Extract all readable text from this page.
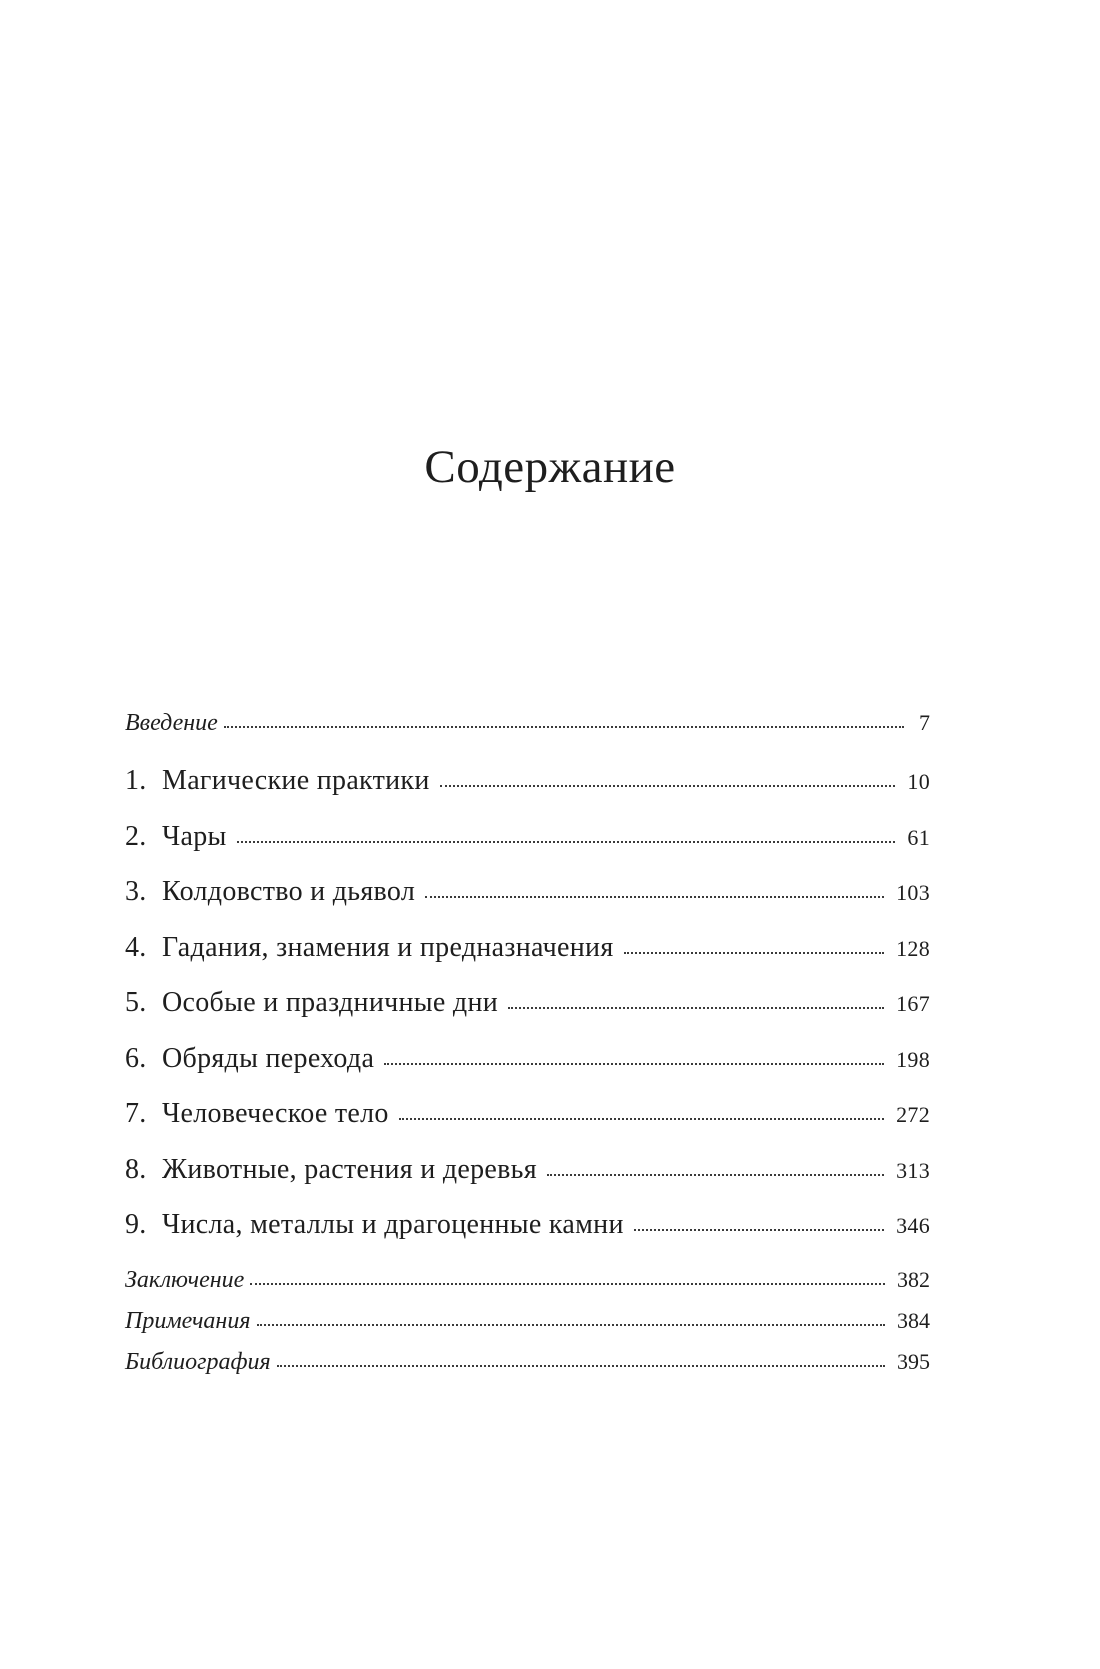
Содержание
Введение	7
1. Магические практики	10
2. Чары	61
3. Колдовство и дьявол	103
4. Гадания, знамения и предназначения	128
5. Особые и праздничные дни	167
6. Обряды перехода	198
7. Человеческое тело	272
8. Животные, растения и деревья	313
9. Числа, металлы и драгоценные камни	346
Заключение	382
Примечания	384
Библиография	395
